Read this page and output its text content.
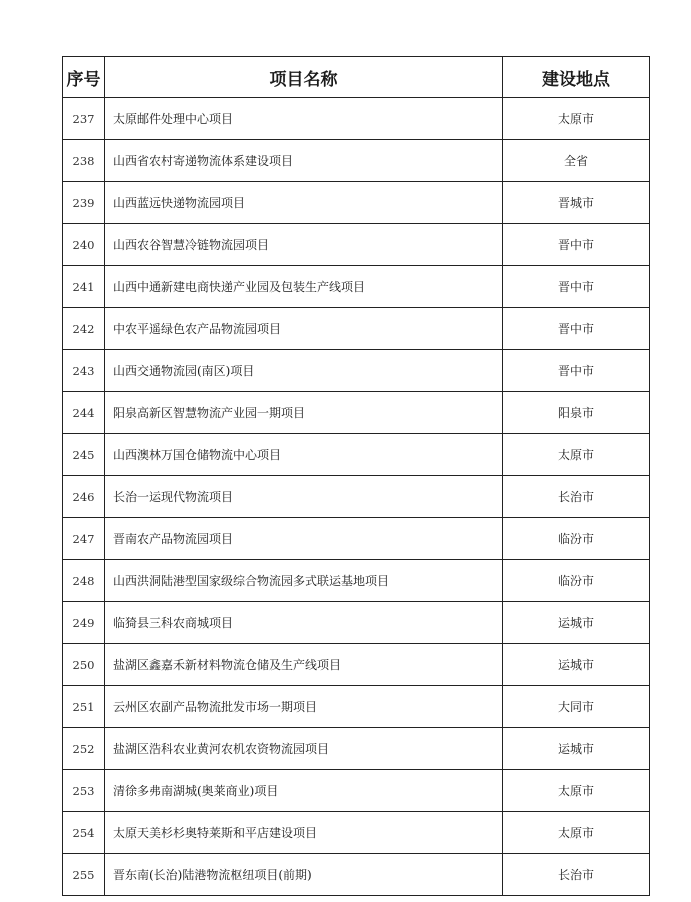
序号	项目名称	建设地点
237	太原邮件处理中心项目	太原市
238	山西省农村寄递物流体系建设项目	全省
239	山西蓝远快递物流园项目	晋城市
240	山西农谷智慧冷链物流园项目	晋中市
241	山西中通新建电商快递产业园及包装生产线项目	晋中市
242	中农平遥绿色农产品物流园项目	晋中市
243	山西交通物流园(南区)项目	晋中市
244	阳泉高新区智慧物流产业园一期项目	阳泉市
245	山西澳林万国仓储物流中心项目	太原市
246	长治一运现代物流项目	长治市
247	晋南农产品物流园项目	临汾市
248	山西洪洞陆港型国家级综合物流园多式联运基地项目	临汾市
249	临猗县三科农商城项目	运城市
250	盐湖区鑫嘉禾新材料物流仓储及生产线项目	运城市
251	云州区农副产品物流批发市场一期项目	大同市
252	盐湖区浩科农业黄河农机农资物流园项目	运城市
253	清徐多弗南湖城(奥莱商业)项目	太原市
254	太原天美杉杉奥特莱斯和平店建设项目	太原市
255	晋东南(长治)陆港物流枢纽项目(前期)	长治市
